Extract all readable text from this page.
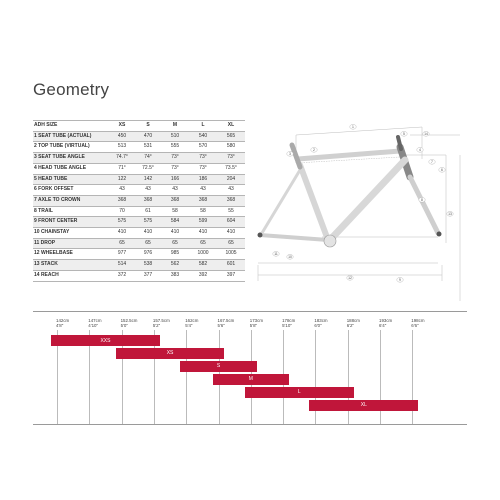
Geometry
ADH SIZE	XS	S	M	L	XL
1 SEAT TUBE (ACTUAL)	450	470	510	540	565
2 TOP TUBE (VIRTUAL)	513	531	555	570	580
3 SEAT TUBE ANGLE	74.7°	74°	73°	73°	73°
4 HEAD TUBE ANGLE	71°	72.5°	73°	73°	73.5°
5 HEAD TUBE	122	142	166	186	204
6 FORK OFFSET	43	43	43	43	43
7 AXLE TO CROWN	368	368	368	368	368
8 TRAIL	70	61	58	58	55
9 FRONT CENTER	575	575	584	599	604
10 CHAINSTAY	410	410	410	410	410
11 DROP	65	65	65	65	65
12 WHEELBASE	977	976	985	1000	1005
13 STACK	514	538	562	582	601
14 REACH	372	377	383	392	397
1
2
3
4
5
6
7
8
9
10
11
12
13
14
142cm
4'8"
147cm
4'10"
152.5cm
5'0"
157.5cm
5'2"
162cm
5'4"
167.5cm
5'6"
173cm
5'8"
178cm
5'10"
183cm
6'0"
188cm
6'2"
193cm
6'4"
198cm
6'6"
XXS
XS
S
M
L
XL
